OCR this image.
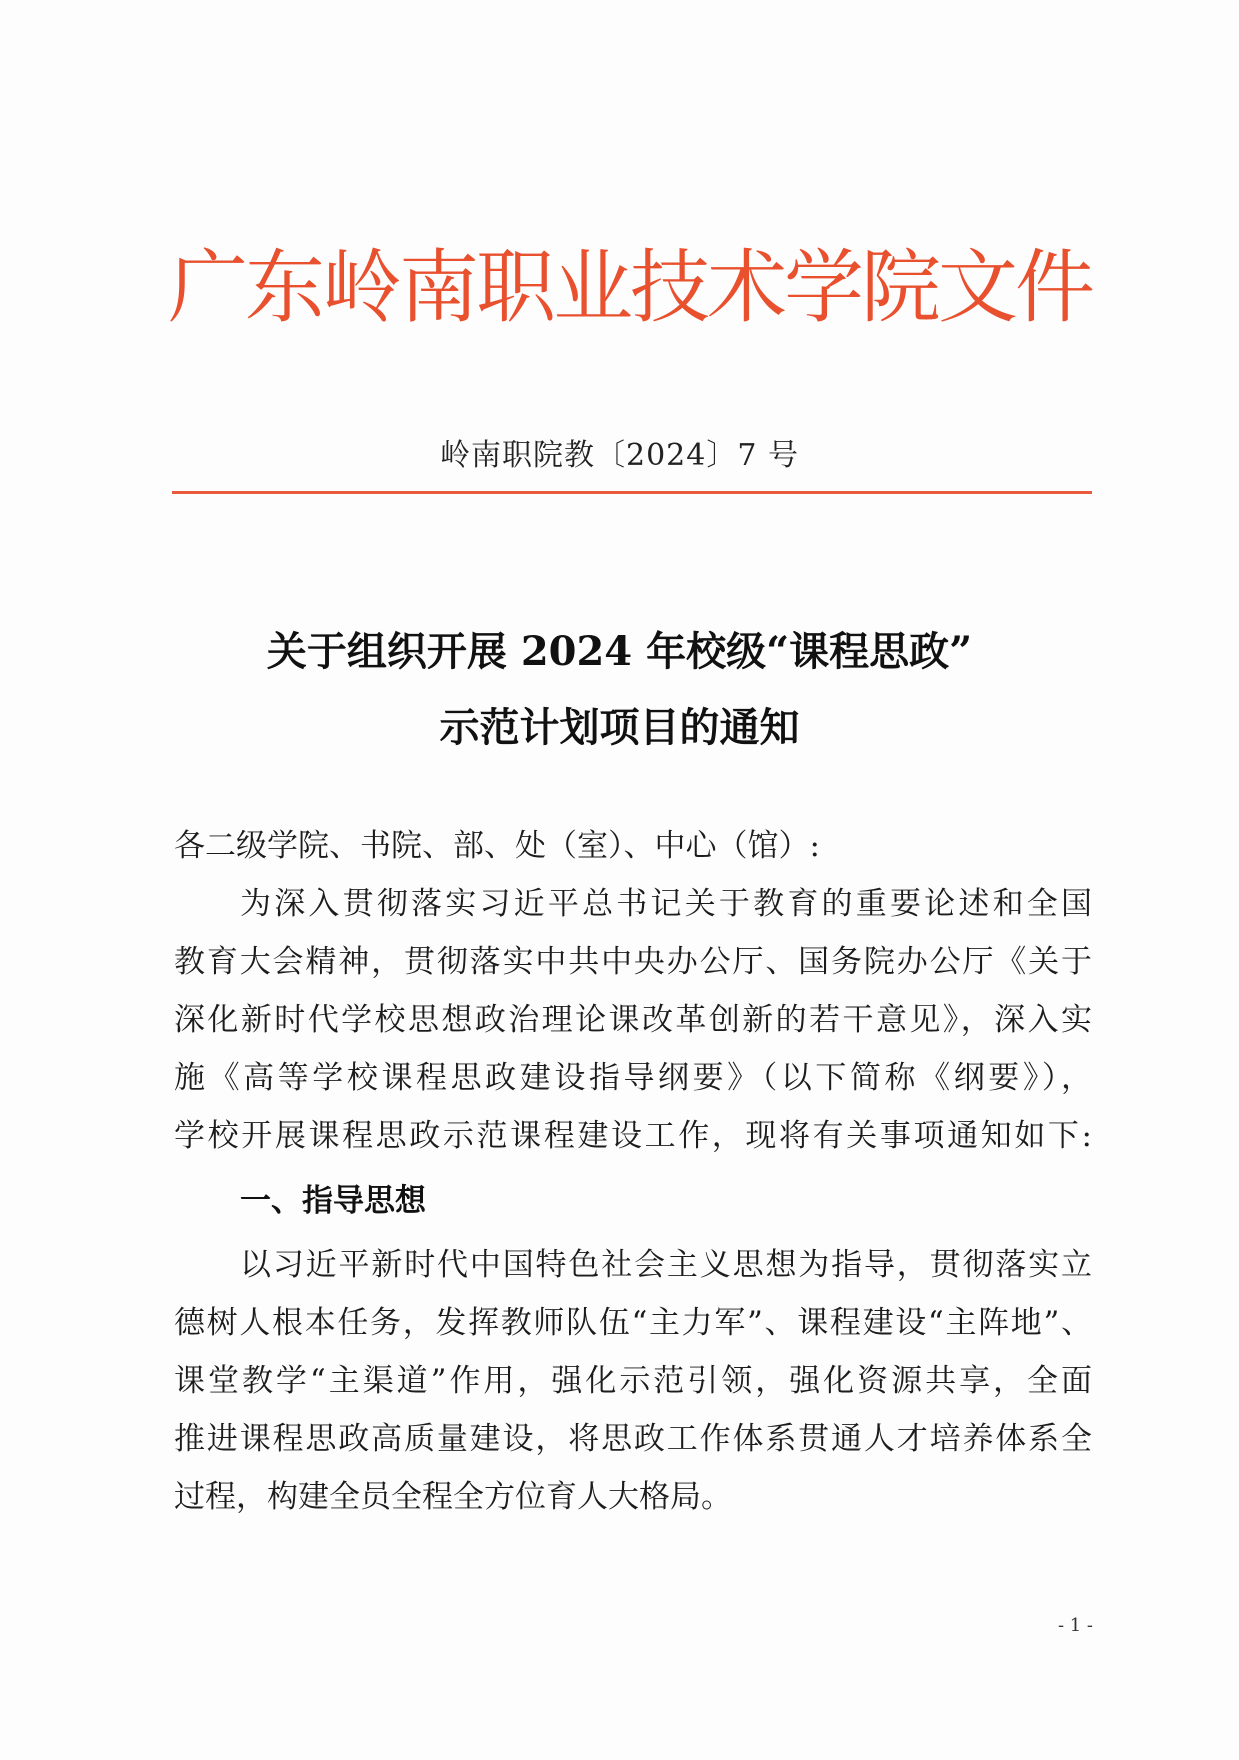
广东岭南职业技术学院文件
岭南职院教〔2024〕7 号
关于组织开展 2024 年校级“课程思政”
示范计划项目的通知
各二级学院、书院、部、处（室）、中心（馆）:
为深入贯彻落实习近平总书记关于教育的重要论述和全国
教育大会精神，贯彻落实中共中央办公厅、国务院办公厅《关于
深化新时代学校思想政治理论课改革创新的若干意见》，深入实
施《高等学校课程思政建设指导纲要》（以下简称《纲要》），
学校开展课程思政示范课程建设工作，现将有关事项通知如下:
一、指导思想
以习近平新时代中国特色社会主义思想为指导，贯彻落实立
德树人根本任务，发挥教师队伍“主力军”、课程建设“主阵地”、
课堂教学“主渠道”作用，强化示范引领，强化资源共享，全面
推进课程思政高质量建设，将思政工作体系贯通人才培养体系全
过程，构建全员全程全方位育人大格局。
- 1 -
